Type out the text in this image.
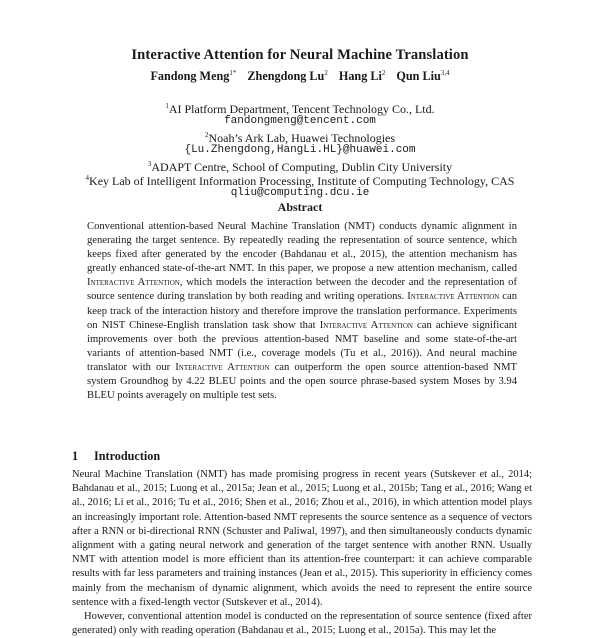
Interactive Attention for Neural Machine Translation
Fandong Meng$^{1*}$ Zhengdong Lu$^2$ Hang Li$^2$ Qun Liu$^{3,4}$
$^1$AI Platform Department, Tencent Technology Co., Ltd.
fandongmeng@tencent.com
$^2$Noah’s Ark Lab, Huawei Technologies
{Lu.Zhengdong,HangLi.HL}@huawei.com
$^3$ADAPT Centre, School of Computing, Dublin City University
$^4$Key Lab of Intelligent Information Processing, Institute of Computing Technology, CAS
qliu@computing.dcu.ie
Abstract
Conventional attention-based Neural Machine Translation (NMT) conducts dynamic alignment in generating the target sentence. By repeatedly reading the representation of source sentence, which keeps fixed after generated by the encoder (Bahdanau et al., 2015), the attention mechanism has greatly enhanced state-of-the-art NMT. In this paper, we propose a new attention mechanism, called Interactive Attention, which models the interaction between the decoder and the representation of source sentence during translation by both reading and writing operations. Interactive Attention can keep track of the interaction history and therefore improve the translation performance. Experiments on NIST Chinese-English translation task show that Interactive Attention can achieve significant improvements over both the previous attention-based NMT baseline and some state-of-the-art variants of attention-based NMT (i.e., coverage models (Tu et al., 2016)). And neural machine translator with our Interactive Attention can outperform the open source attention-based NMT system Groundhog by 4.22 BLEU points and the open source phrase-based system Moses by 3.94 BLEU points averagely on multiple test sets.
1 Introduction

Neural Machine Translation (NMT) has made promising progress in recent years (Sutskever et al., 2014; Bahdanau et al., 2015; Luong et al., 2015a; Jean et al., 2015; Luong et al., 2015b; Tang et al., 2016; Wang et al., 2016; Li et al., 2016; Tu et al., 2016; Shen et al., 2016; Zhou et al., 2016), in which attention model plays an increasingly important role. Attention-based NMT represents the source sentence as a sequence of vectors after a RNN or bi-directional RNN (Schuster and Paliwal, 1997), and then simultaneously conducts dynamic alignment with a gating neural network and generation of the target sentence with another RNN. Usually NMT with attention model is more efficient than its attention-free counterpart: it can achieve comparable results with far less parameters and training instances (Jean et al., 2015). This superiority in efficiency comes mainly from the mechanism of dynamic alignment, which avoids the need to represent the entire source sentence with a fixed-length vector (Sutskever et al., 2014).

However, conventional attention model is conducted on the representation of source sentence (fixed after generated) only with reading operation (Bahdanau et al., 2015; Luong et al., 2015a). This may let the
